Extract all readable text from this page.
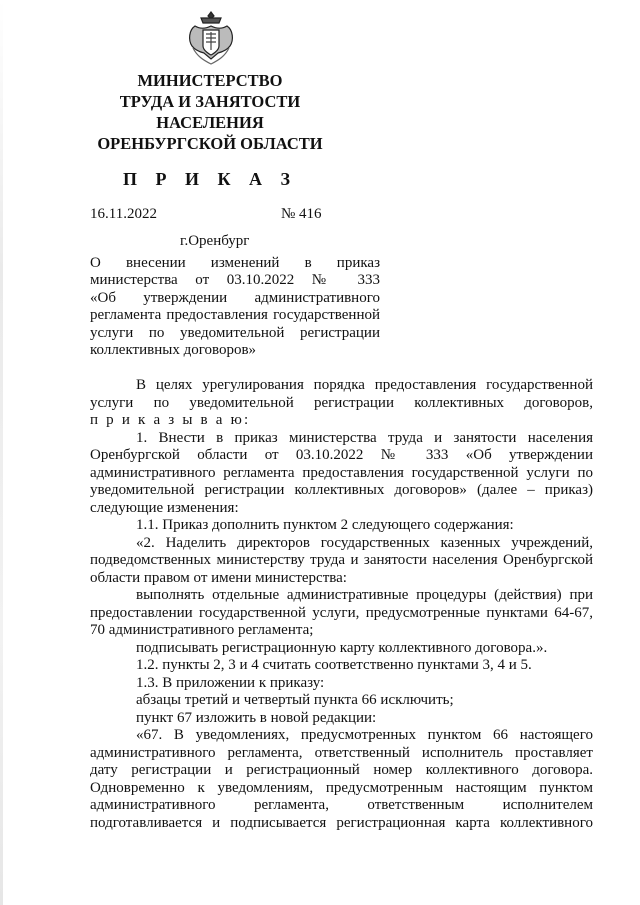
МИНИСТЕРСТВО
ТРУДА И ЗАНЯТОСТИ
НАСЕЛЕНИЯ
ОРЕНБУРГСКОЙ ОБЛАСТИ
П Р И К А З
16.11.2022	№ 416
г.Оренбург
О внесении изменений в приказ
министерства от 03.10.2022 № 333
«Об утверждении административного
регламента предоставления государственной
услуги по уведомительной регистрации
коллективных договоров»
В целях урегулирования порядка предоставления государственной
услуги по уведомительной регистрации коллективных договоров,
п р и к а з ы в а ю:
1. Внести в приказ министерства труда и занятости населения
Оренбургской области от 03.10.2022 № 333 «Об утверждении
административного регламента предоставления государственной услуги по
уведомительной регистрации коллективных договоров» (далее – приказ)
следующие изменения:
1.1. Приказ дополнить пунктом 2 следующего содержания:
«2. Наделить директоров государственных казенных учреждений,
подведомственных министерству труда и занятости населения Оренбургской
области правом от имени министерства:
выполнять отдельные административные процедуры (действия) при
предоставлении государственной услуги, предусмотренные пунктами 64-67,
70 административного регламента;
подписывать регистрационную карту коллективного договора.».
1.2. пункты 2, 3 и 4 считать соответственно пунктами 3, 4 и 5.
1.3. В приложении к приказу:
абзацы третий и четвертый пункта 66 исключить;
пункт 67 изложить в новой редакции:
«67. В уведомлениях, предусмотренных пунктом 66 настоящего
административного регламента, ответственный исполнитель проставляет
дату регистрации и регистрационный номер коллективного договора.
Одновременно к уведомлениям, предусмотренным настоящим пунктом
административного регламента, ответственным исполнителем
подготавливается и подписывается регистрационная карта коллективного
